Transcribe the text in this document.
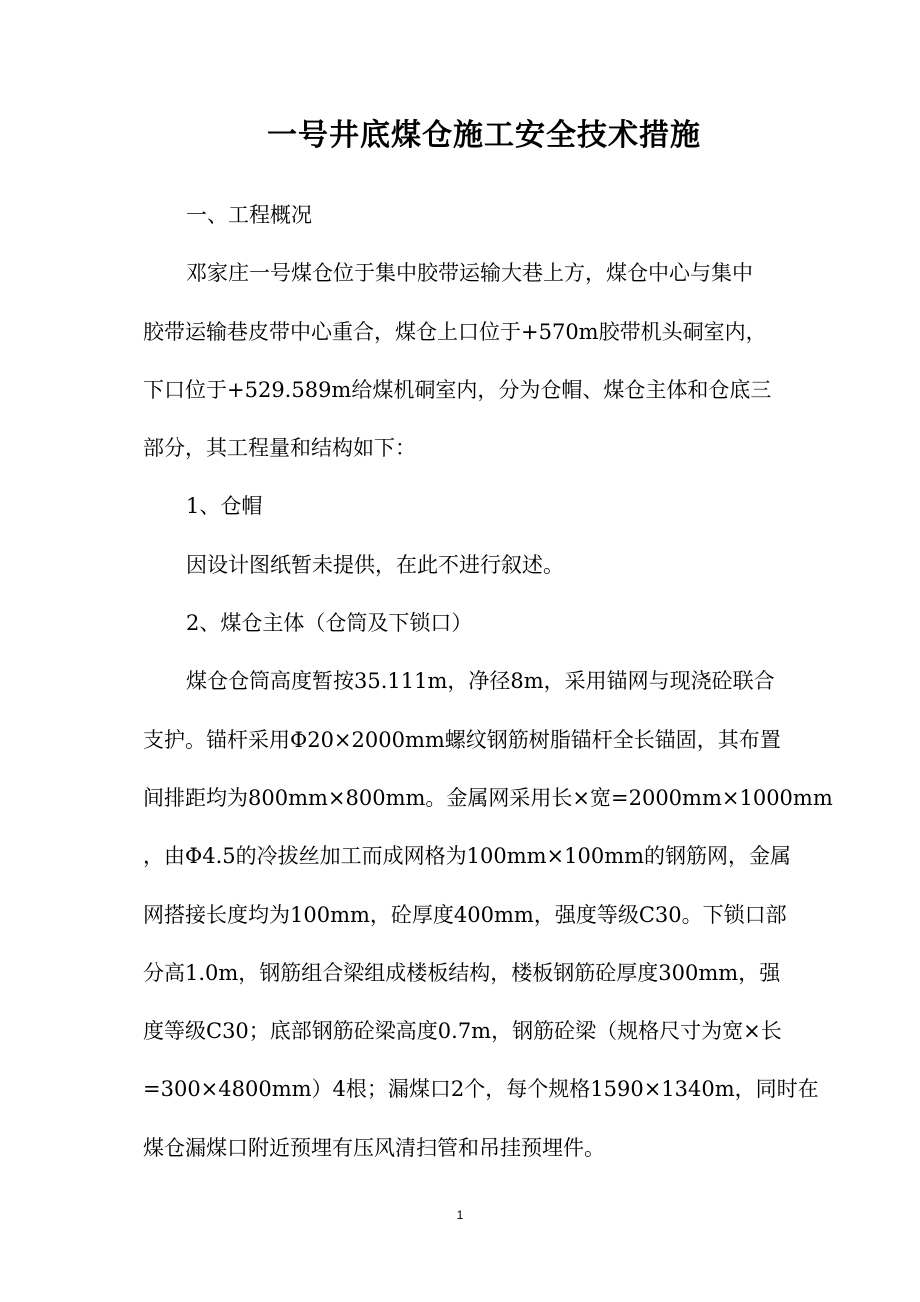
一号井底煤仓施工安全技术措施
一、工程概况
邓家庄一号煤仓位于集中胶带运输大巷上方，煤仓中心与集中
胶带运输巷皮带中心重合，煤仓上口位于+570m胶带机头硐室内，
下口位于+529.589m给煤机硐室内，分为仓帽、煤仓主体和仓底三
部分，其工程量和结构如下：
1、仓帽
因设计图纸暂未提供，在此不进行叙述。
2、煤仓主体（仓筒及下锁口）
煤仓仓筒高度暂按35.111m，净径8m，采用锚网与现浇砼联合
支护。锚杆采用Φ20×2000mm螺纹钢筋树脂锚杆全长锚固，其布置
间排距均为800mm×800mm。金属网采用长×宽=2000mm×1000mm
，由Φ4.5的冷拔丝加工而成网格为100mm×100mm的钢筋网，金属
网搭接长度均为100mm，砼厚度400mm，强度等级C30。下锁口部
分高1.0m，钢筋组合梁组成楼板结构，楼板钢筋砼厚度300mm，强
度等级C30；底部钢筋砼梁高度0.7m，钢筋砼梁（规格尺寸为宽×长
=300×4800mm）4根；漏煤口2个，每个规格1590×1340m，同时在
煤仓漏煤口附近预埋有压风清扫管和吊挂预埋件。
1
